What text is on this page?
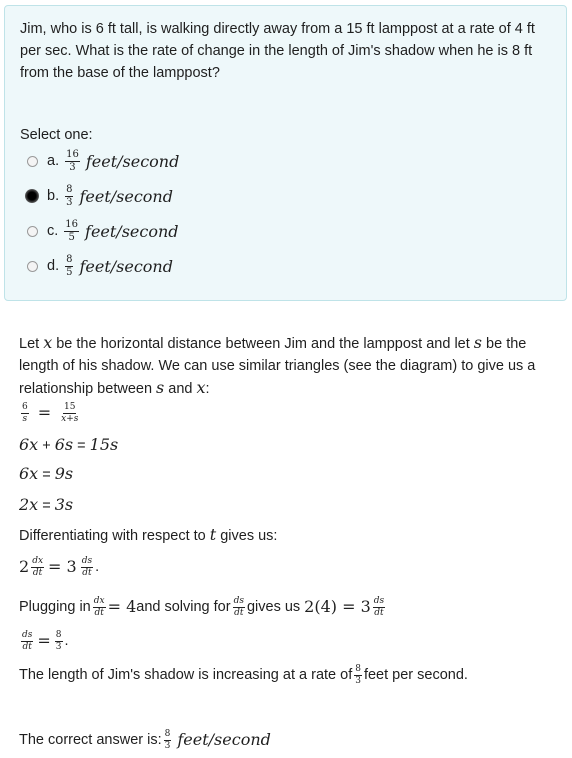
Jim, who is 6 ft tall, is walking directly away from a 15 ft lamppost at a rate of 4 ft per sec. What is the rate of change in the length of Jim's shadow when he is 8 ft from the base of the lamppost?
Select one:
a. $\frac{16}{3}$ feet/second
b. $\frac{8}{3}$ feet/second
c. $\frac{16}{5}$ feet/second
d. $\frac{8}{5}$ feet/second
Let x be the horizontal distance between Jim and the lamppost and let s be the length of his shadow. We can use similar triangles (see the diagram) to give us a relationship between s and x:
$\frac{6}{s} = \frac{15}{x+s}$
6x + 6s = 15s
6x = 9s
2x = 3s
Differentiating with respect to t gives us:
$2 \frac{dx}{dt} = 3 \frac{ds}{dt}$ .
Plugging in $\frac{dx}{dt} = 4$ and solving for $\frac{ds}{dt}$ gives us $2(4) = 3 \frac{ds}{dt}$
$\frac{ds}{dt} = \frac{8}{3}$ .
The length of Jim's shadow is increasing at a rate of $\frac{8}{3}$ feet per second.
The correct answer is: $\frac{8}{3}$ feet/second
